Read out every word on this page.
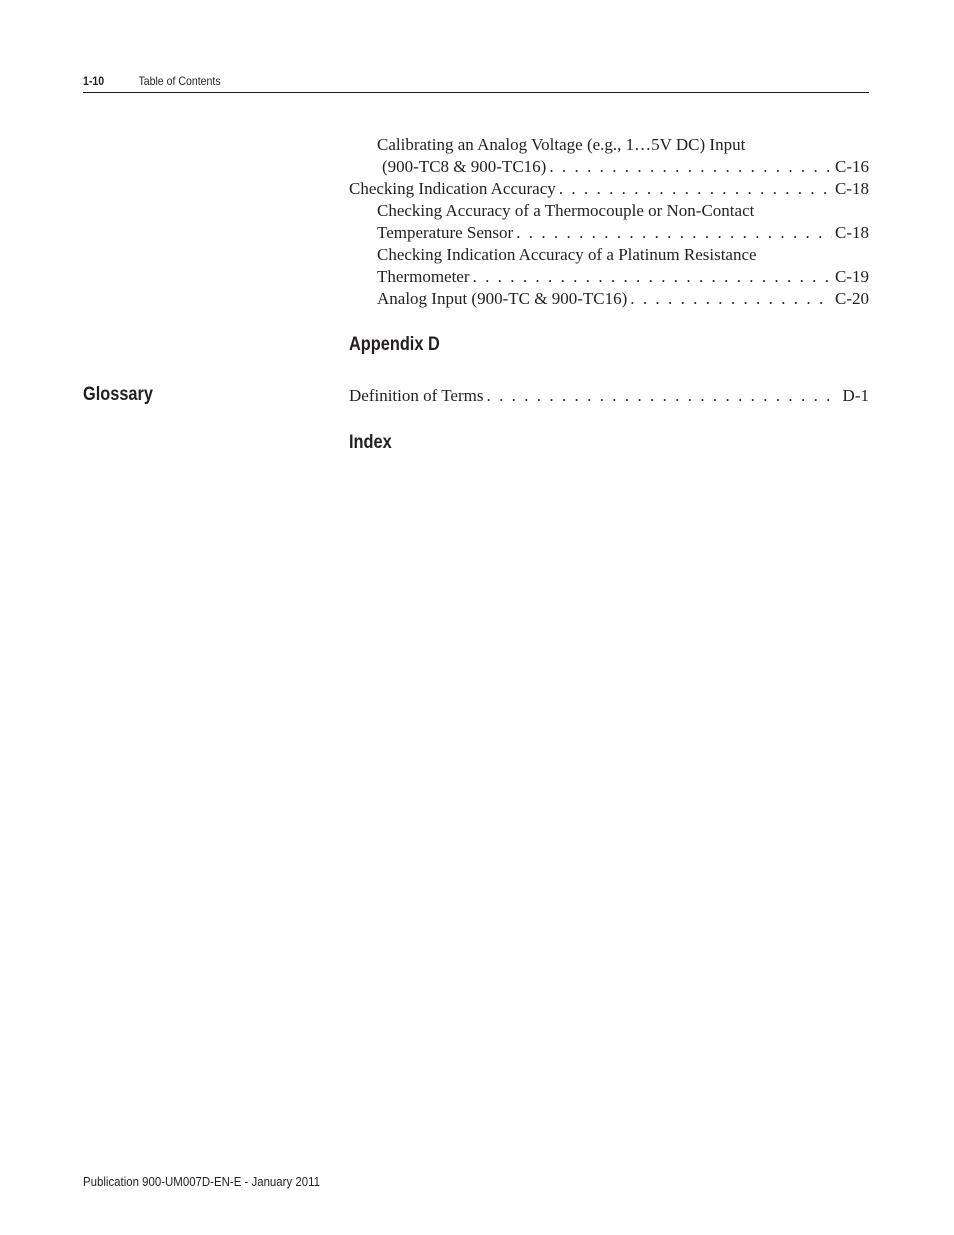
1-10	Table of Contents
Calibrating an Analog Voltage (e.g., 1…5V DC) Input
(900-TC8 & 900-TC16) . . .	C-16
Checking Indication Accuracy . . .	C-18
Checking Accuracy of a Thermocouple or Non-Contact
Temperature Sensor . . .	C-18
Checking Indication Accuracy of a Platinum Resistance
Thermometer . . .	C-19
Analog Input (900-TC & 900-TC16) . . .	C-20
Appendix D
Glossary	Definition of Terms . . .	D-1
Index
Publication 900-UM007D-EN-E - January 2011
